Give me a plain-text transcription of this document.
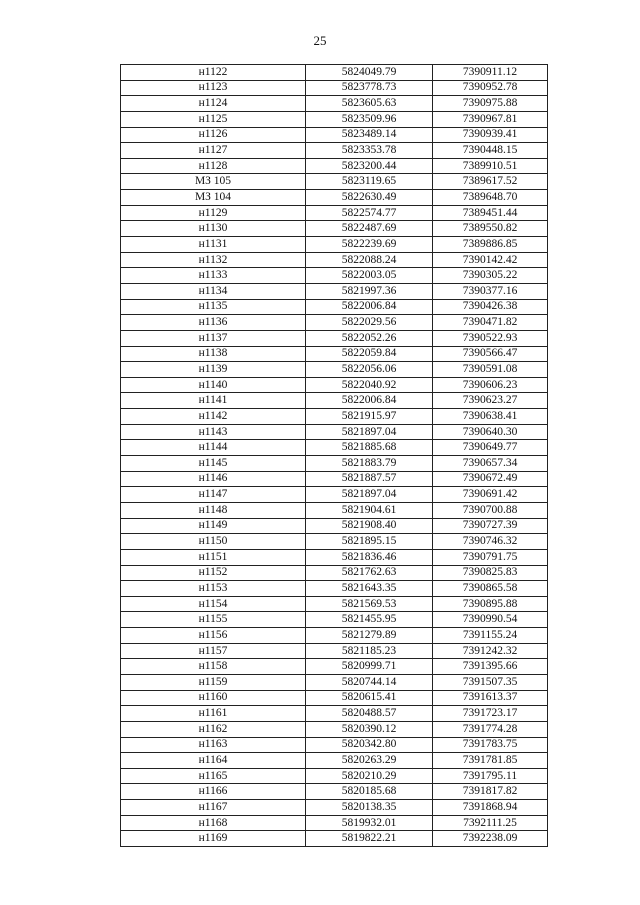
25
н1122	5824049.79	7390911.12
н1123	5823778.73	7390952.78
н1124	5823605.63	7390975.88
н1125	5823509.96	7390967.81
н1126	5823489.14	7390939.41
н1127	5823353.78	7390448.15
н1128	5823200.44	7389910.51
МЗ 105	5823119.65	7389617.52
МЗ 104	5822630.49	7389648.70
н1129	5822574.77	7389451.44
н1130	5822487.69	7389550.82
н1131	5822239.69	7389886.85
н1132	5822088.24	7390142.42
н1133	5822003.05	7390305.22
н1134	5821997.36	7390377.16
н1135	5822006.84	7390426.38
н1136	5822029.56	7390471.82
н1137	5822052.26	7390522.93
н1138	5822059.84	7390566.47
н1139	5822056.06	7390591.08
н1140	5822040.92	7390606.23
н1141	5822006.84	7390623.27
н1142	5821915.97	7390638.41
н1143	5821897.04	7390640.30
н1144	5821885.68	7390649.77
н1145	5821883.79	7390657.34
н1146	5821887.57	7390672.49
н1147	5821897.04	7390691.42
н1148	5821904.61	7390700.88
н1149	5821908.40	7390727.39
н1150	5821895.15	7390746.32
н1151	5821836.46	7390791.75
н1152	5821762.63	7390825.83
н1153	5821643.35	7390865.58
н1154	5821569.53	7390895.88
н1155	5821455.95	7390990.54
н1156	5821279.89	7391155.24
н1157	5821185.23	7391242.32
н1158	5820999.71	7391395.66
н1159	5820744.14	7391507.35
н1160	5820615.41	7391613.37
н1161	5820488.57	7391723.17
н1162	5820390.12	7391774.28
н1163	5820342.80	7391783.75
н1164	5820263.29	7391781.85
н1165	5820210.29	7391795.11
н1166	5820185.68	7391817.82
н1167	5820138.35	7391868.94
н1168	5819932.01	7392111.25
н1169	5819822.21	7392238.09
